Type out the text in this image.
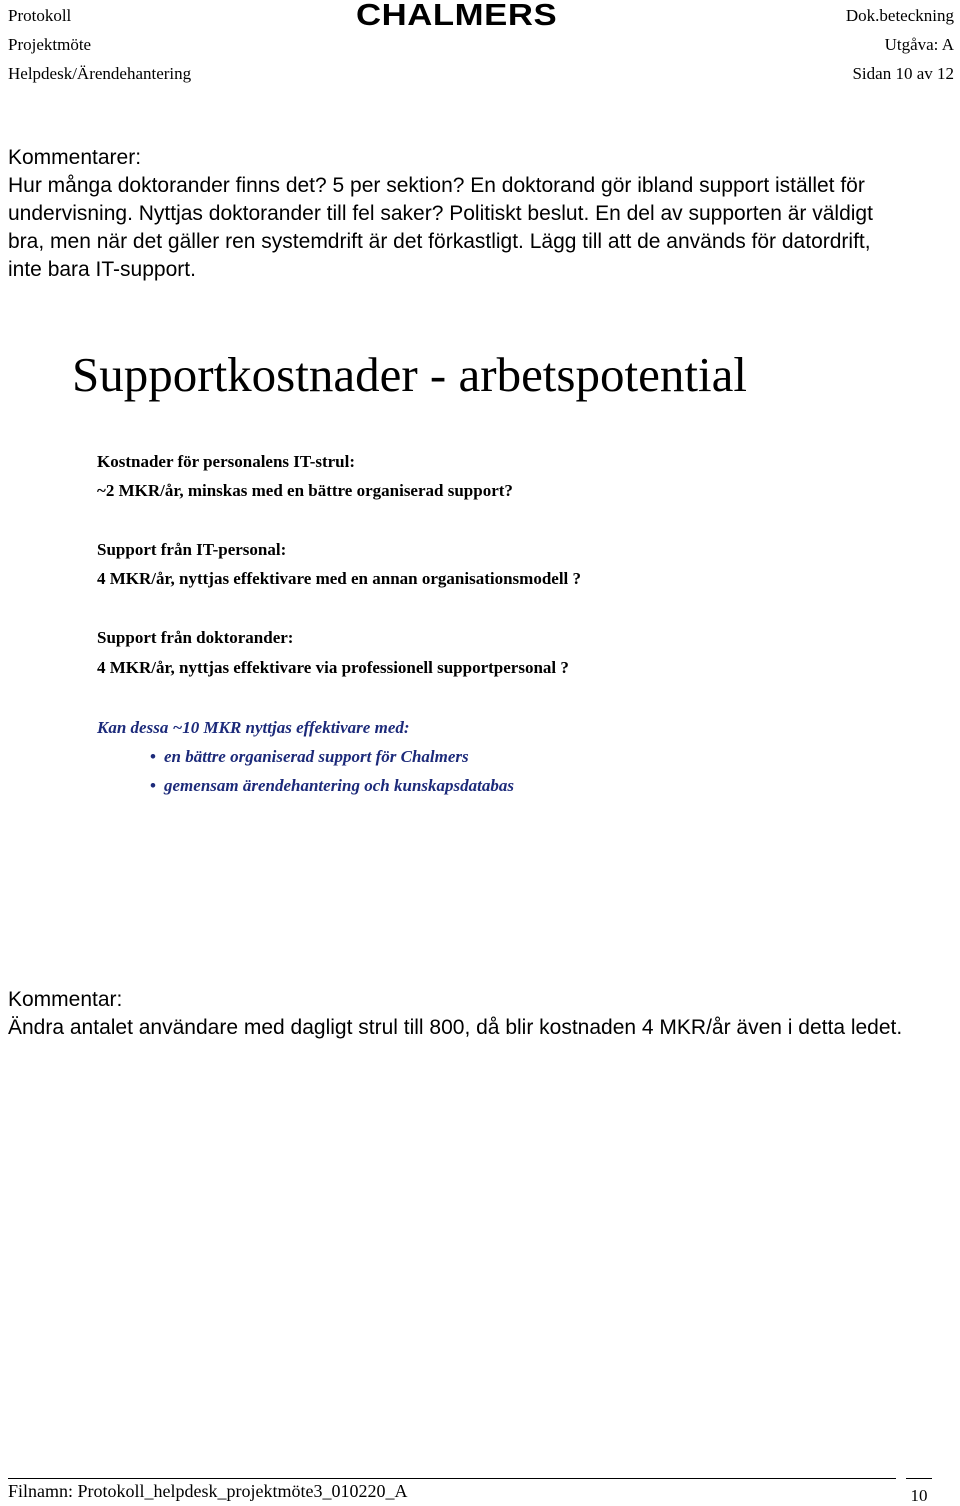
Protokoll
Projektmöte
Helpdesk/Ärendehantering
CHALMERS	Dok.beteckning
Utgåva: A
Sidan 10 av 12
Kommentarer:
Hur många doktorander finns det? 5 per sektion? En doktorand gör ibland support istället för undervisning. Nyttjas doktorander till fel saker? Politiskt beslut. En del av supporten är väldigt bra, men när det gäller ren systemdrift är det förkastligt. Lägg till att de används för datordrift, inte bara IT-support.
Supportkostnader - arbetspotential
Kostnader för personalens IT-strul:
~2 MKR/år, minskas med en bättre organiserad support?
Support från IT-personal:
4 MKR/år, nyttjas effektivare med en annan organisationsmodell ?
Support från doktorander:
4 MKR/år, nyttjas effektivare via professionell supportpersonal ?
Kan dessa ~10 MKR nyttjas effektivare med:
• en bättre organiserad support för Chalmers
• gemensam ärendehantering och kunskapsdatabas
Kommentar:
Ändra antalet användare med dagligt strul till 800, då blir kostnaden 4 MKR/år även i detta ledet.
Filnamn: Protokoll_helpdesk_projektmöte3_010220_A	10
